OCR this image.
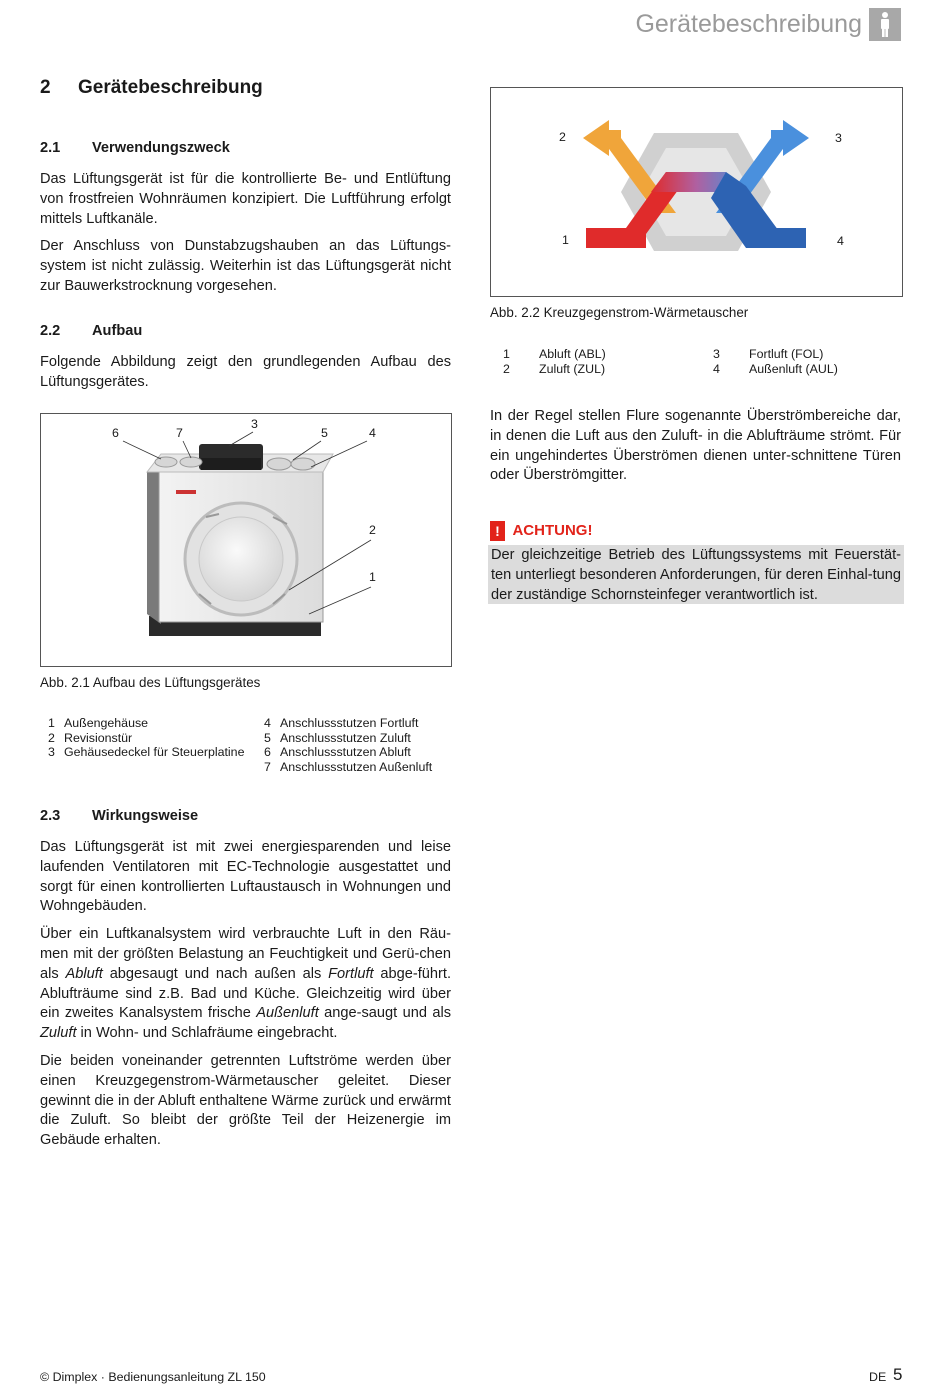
Gerätebeschreibung
2 Gerätebeschreibung
2.1 Verwendungszweck

Das Lüftungsgerät ist für die kontrollierte Be- und Entlüftung von frostfreien Wohnräumen konzipiert. Die Luftführung erfolgt mittels Luftkanäle.

Der Anschluss von Dunstabzugshauben an das Lüftungs-system ist nicht zulässig. Weiterhin ist das Lüftungsgerät nicht zur Bauwerkstrocknung vorgesehen.

2.2 Aufbau

Folgende Abbildung zeigt den grundlegenden Aufbau des Lüftungsgerätes.

6	7
3
5	4
2
1
Abb. 2.1 Aufbau des Lüftungsgerätes
1	Außengehäuse	4	Anschlussstutzen Fortluft
2	Revisionstür	5	Anschlussstutzen Zuluft
3	Gehäusedeckel für Steuerplatine	6	Anschlussstutzen Abluft
		7	Anschlussstutzen Außenluft
2.3 Wirkungsweise

Das Lüftungsgerät ist mit zwei energiesparenden und leise laufenden Ventilatoren mit EC-Technologie ausgestattet und sorgt für einen kontrollierten Luftaustausch in Wohnungen und Wohngebäuden.

Über ein Luftkanalsystem wird verbrauchte Luft in den Räu-men mit der größten Belastung an Feuchtigkeit und Gerü-chen als Abluft abgesaugt und nach außen als Fortluft abge-führt. Ablufträume sind z.B. Bad und Küche. Gleichzeitig wird über ein zweites Kanalsystem frische Außenluft ange-saugt und als Zuluft in Wohn- und Schlafräume eingebracht.

Die beiden voneinander getrennten Luftströme werden über einen Kreuzgegenstrom-Wärmetauscher geleitet. Dieser gewinnt die in der Abluft enthaltene Wärme zurück und erwärmt die Zuluft. So bleibt der größte Teil der Heizenergie im Gebäude erhalten.

2	3
1	4
Abb. 2.2 Kreuzgegenstrom-Wärmetauscher
1	Abluft (ABL)	3	Fortluft (FOL)
2	Zuluft (ZUL)	4	Außenluft (AUL)

In der Regel stellen Flure sogenannte Überströmbereiche dar, in denen die Luft aus den Zuluft- in die Ablufträume strömt. Für ein ungehindertes Überströmen dienen unter-schnittene Türen oder Überströmgitter.

! ACHTUNG!

Der gleichzeitige Betrieb des Lüftungssystems mit Feuerstät-ten unterliegt besonderen Anforderungen, für deren Einhal-tung der zuständige Schornsteinfeger verantwortlich ist.

© Dimplex · Bedienungsanleitung ZL 150	DE 5
